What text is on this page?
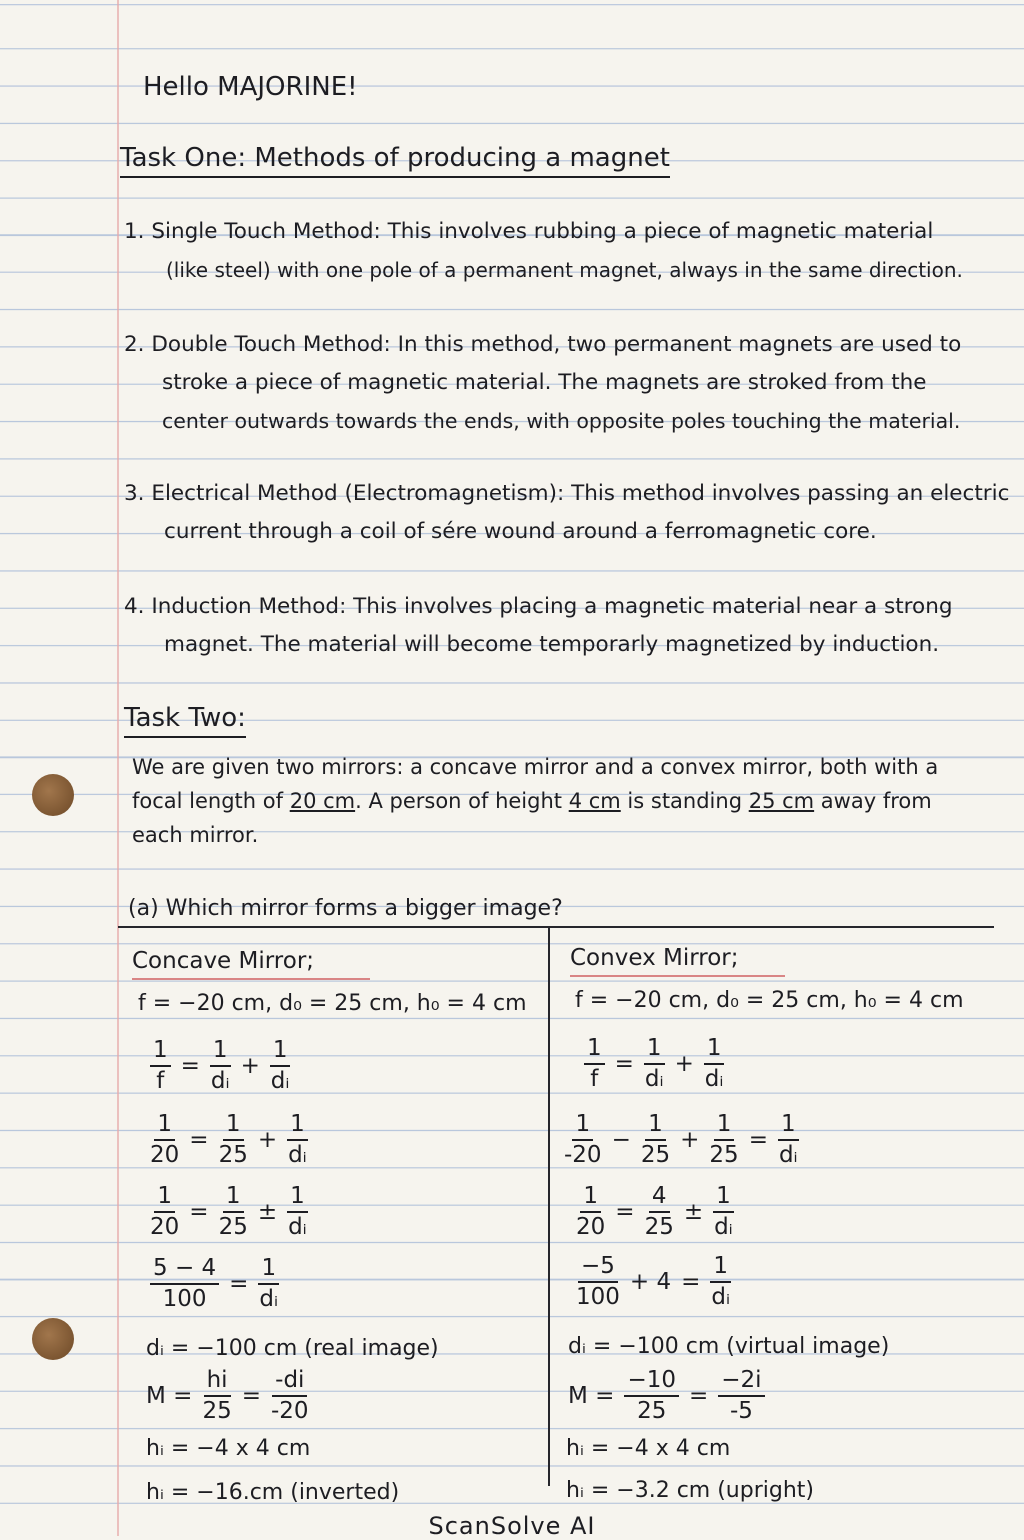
Hello MAJORINE!
Task One: Methods of producing a magnet
1. Single Touch Method: This involves rubbing a piece of magnetic material
(like steel) with one pole of a permanent magnet, always in the same direction.
2. Double Touch Method: In this method, two permanent magnets are used to
stroke a piece of magnetic material. The magnets are stroked from the
center outwards towards the ends, with opposite poles touching the material.
3. Electrical Method (Electromagnetism): This method involves passing an electric
current through a coil of sére wound around a ferromagnetic core.
4. Induction Method: This involves placing a magnetic material near a strong
magnet. The material will become temporarly magnetized by induction.
Task Two:
We are given two mirrors: a concave mirror and a convex mirror, both with a
focal length of 20 cm. A person of height 4 cm is standing 25 cm away from
each mirror.
(a) Which mirror forms a bigger image?
Concave Mirror;
f = −20 cm, d₀ = 25 cm, h₀ = 4 cm
$\frac{1}{f} = \frac{1}{\text{dᵢ}} + \frac{1}{\text{dᵢ}}$
$\frac{1}{20} = \frac{1}{25} + \frac{1}{\text{dᵢ}}$
$\frac{1}{20} = \frac{1}{25} \pm \frac{1}{\text{dᵢ}}$
$\frac{5 - 4}{100} = \frac{1}{\text{dᵢ}}$
dᵢ = −100 cm (real image)
$M = \frac{hi}{25} = \frac{-di}{-20}$
hᵢ = −4 x 4 cm
hᵢ = −16.cm (inverted)
Convex Mirror;
f = −20 cm, d₀ = 25 cm, h₀ = 4 cm
$\frac{1}{f} = \frac{1}{\text{dᵢ}} + \frac{1}{\text{dᵢ}}$
1
-20
− $\frac{1}{25} + \frac{1}{25} = \frac{1}{\text{dᵢ}}$
$\frac{1}{20} = \frac{4}{25} \pm \frac{1}{\text{dᵢ}}$
−5
100
+ $4 = \frac{1}{\text{dᵢ}}$
dᵢ = −100 cm (virtual image)
$M = \frac{-10}{25} = \frac{-2i}{-5}$
hᵢ = −4 x 4 cm
hᵢ = −3.2 cm (upright)
ScanSolve AI
